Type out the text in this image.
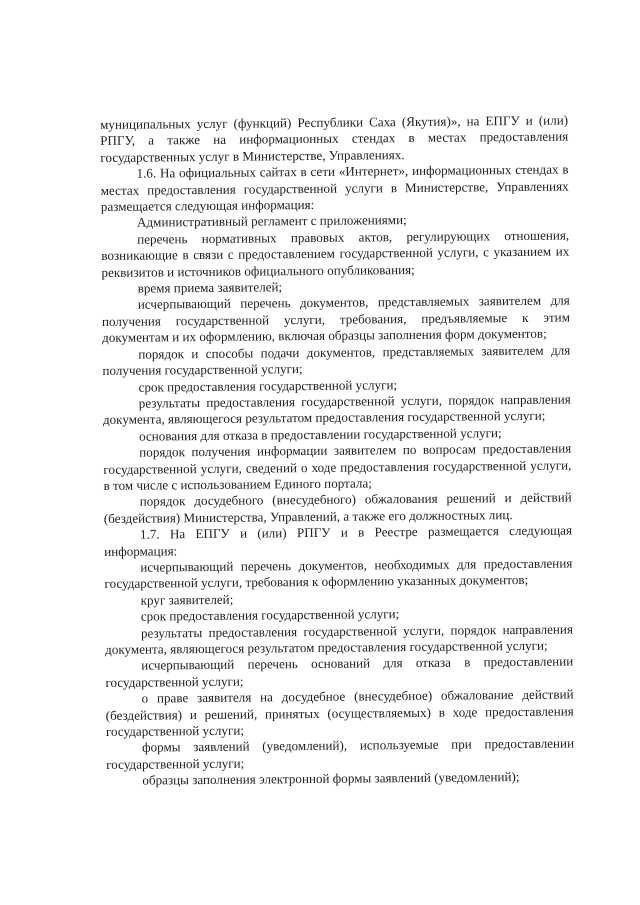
муниципальных услуг (функций) Республики Саха (Якутия)», на ЕПГУ и (или) РПГУ, а также на информационных стендах в местах предоставления государственных услуг в Министерстве, Управлениях.

1.6. На официальных сайтах в сети «Интернет», информационных стендах в местах предоставления государственной услуги в Министерстве, Управлениях размещается следующая информация:

Административный регламент с приложениями;

перечень нормативных правовых актов, регулирующих отношения, возникающие в связи с предоставлением государственной услуги, с указанием их реквизитов и источников официального опубликования;

время приема заявителей;

исчерпывающий перечень документов, представляемых заявителем для получения государственной услуги, требования, предъявляемые к этим документам и их оформлению, включая образцы заполнения форм документов;

порядок и способы подачи документов, представляемых заявителем для получения государственной услуги;

срок предоставления государственной услуги;

результаты предоставления государственной услуги, порядок направления документа, являющегося результатом предоставления государственной услуги;

основания для отказа в предоставлении государственной услуги;

порядок получения информации заявителем по вопросам предоставления государственной услуги, сведений о ходе предоставления государственной услуги, в том числе с использованием Единого портала;

порядок досудебного (внесудебного) обжалования решений и действий (бездействия) Министерства, Управлений, а также его должностных лиц.

1.7. На ЕПГУ и (или) РПГУ и в Реестре размещается следующая информация:

исчерпывающий перечень документов, необходимых для предоставления государственной услуги, требования к оформлению указанных документов;

круг заявителей;

срок предоставления государственной услуги;

результаты предоставления государственной услуги, порядок направления документа, являющегося результатом предоставления государственной услуги;

исчерпывающий перечень оснований для отказа в предоставлении государственной услуги;

о праве заявителя на досудебное (внесудебное) обжалование действий (бездействия) и решений, принятых (осуществляемых) в ходе предоставления государственной услуги;

формы заявлений (уведомлений), используемые при предоставлении государственной услуги;

образцы заполнения электронной формы заявлений (уведомлений);
